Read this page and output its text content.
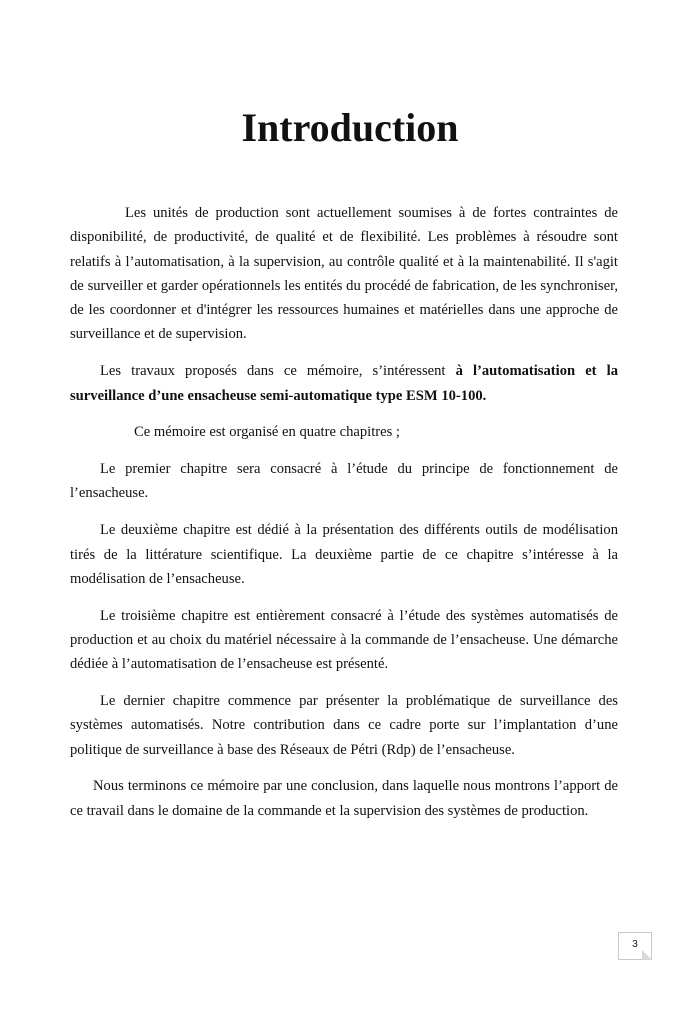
Introduction

Les unités de production sont actuellement soumises à de fortes contraintes de disponibilité, de productivité, de qualité et de flexibilité. Les problèmes à résoudre sont relatifs à l’automatisation, à la supervision, au contrôle qualité et à la maintenabilité. Il s'agit de surveiller et garder opérationnels les entités du procédé de fabrication, de les synchroniser, de les coordonner et d'intégrer les ressources humaines et matérielles dans une approche de surveillance et de supervision.

Les travaux proposés dans ce mémoire, s’intéressent à l’automatisation et la surveillance d’une ensacheuse semi-automatique type ESM 10-100.

Ce mémoire est organisé en quatre chapitres ;

Le premier chapitre sera consacré à l’étude du principe de fonctionnement de l’ensacheuse.

Le deuxième chapitre est dédié à la présentation des différents outils de modélisation tirés de la littérature scientifique. La deuxième partie de ce chapitre s’intéresse à la modélisation de l’ensacheuse.

Le troisième chapitre est entièrement consacré à l’étude des systèmes automatisés de production et au choix du matériel nécessaire à la commande de l’ensacheuse. Une démarche dédiée à l’automatisation de l’ensacheuse est présenté.

Le dernier chapitre commence par présenter la problématique de surveillance des systèmes automatisés. Notre contribution dans ce cadre porte sur l’implantation d’une politique de surveillance à base des Réseaux de Pétri (Rdp) de l’ensacheuse.

Nous terminons ce mémoire par une conclusion, dans laquelle nous montrons l’apport de ce travail dans le domaine de la commande et la supervision des systèmes de production.

3
